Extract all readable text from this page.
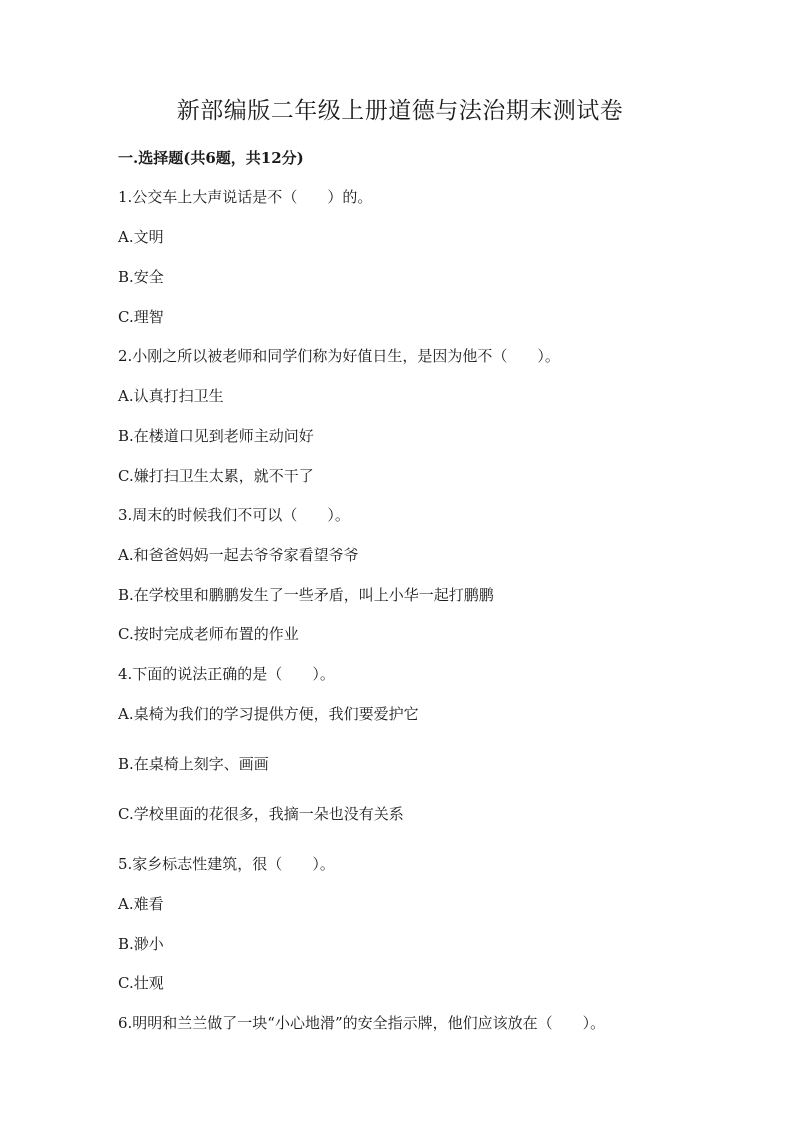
新部编版二年级上册道德与法治期末测试卷
一.选择题(共6题，共12分)
1.公交车上大声说话是不（　　）的。
A.文明
B.安全
C.理智
2.小刚之所以被老师和同学们称为好值日生，是因为他不（　　）。
A.认真打扫卫生
B.在楼道口见到老师主动问好
C.嫌打扫卫生太累，就不干了
3.周末的时候我们不可以（　　）。
A.和爸爸妈妈一起去爷爷家看望爷爷
B.在学校里和鹏鹏发生了一些矛盾，叫上小华一起打鹏鹏
C.按时完成老师布置的作业
4.下面的说法正确的是（　　）。
A.桌椅为我们的学习提供方便，我们要爱护它
B.在桌椅上刻字、画画
C.学校里面的花很多，我摘一朵也没有关系
5.家乡标志性建筑，很（　　）。
A.难看
B.渺小
C.壮观
6.明明和兰兰做了一块“小心地滑”的安全指示牌，他们应该放在（　　）。
